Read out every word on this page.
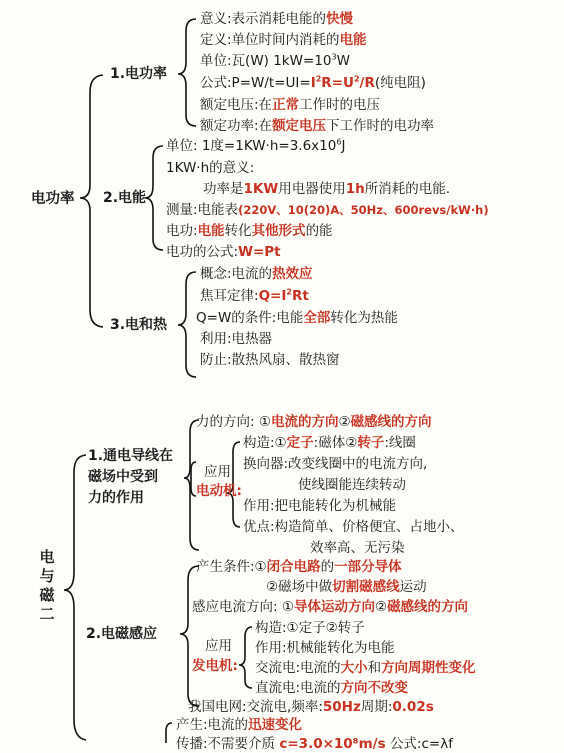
电功率
1.电功率
意义:表示消耗电能的快慢
定义:单位时间内消耗的电能
单位:瓦(W) $1kW=10^3W$
公式$:P=W/t=UI=I^2R=U^2/R$(纯电阻)
额定电压:在正常工作时的电压
额定功率:在额定电压下工作时的电功率
2.电能
单位: 1度$=1KW\cdot h=3.6x10^6J$
1KW·h的意义:
功率是1KW用电器使用1h所消耗的电能.
测量:电能表(220V、10(20)A、50Hz、600revs/kW·h)
电功:电能转化其他形式的能
电功的公式:W=Pt
3.电和热
概念:电流的热效应
焦耳定律$:Q=I^2Rt$
Q=W的条件:电能全部转化为热能
利用:电热器
防止:散热风扇、散热窗
电
与
磁
二
1.通电导线在
磁场中受到
力的作用
力的方向: ①电流的方向②磁感线的方向
应用
电动机:
构造:①定子:磁体②转子:线圈
换向器:改变线圈中的电流方向,
使线圈能连续转动
作用:把电能转化为机械能
优点:构造简单、价格便宜、占地小、
效率高、无污染
2.电磁感应
产生条件:①闭合电路的一部分导体
②磁场中做切割磁感线运动
感应电流方向: ①导体运动方向②磁感线的方向
应用
发电机:
构造:①定子②转子
作用:机械能转化为电能
交流电:电流的大小和方向周期性变化
直流电:电流的方向不改变
我国电网:交流电,频率:50Hz周期:0.02s
产生:电流的迅速变化
传播:不需要介质 c=3.0×10⁸m/s 公式:c=λf
